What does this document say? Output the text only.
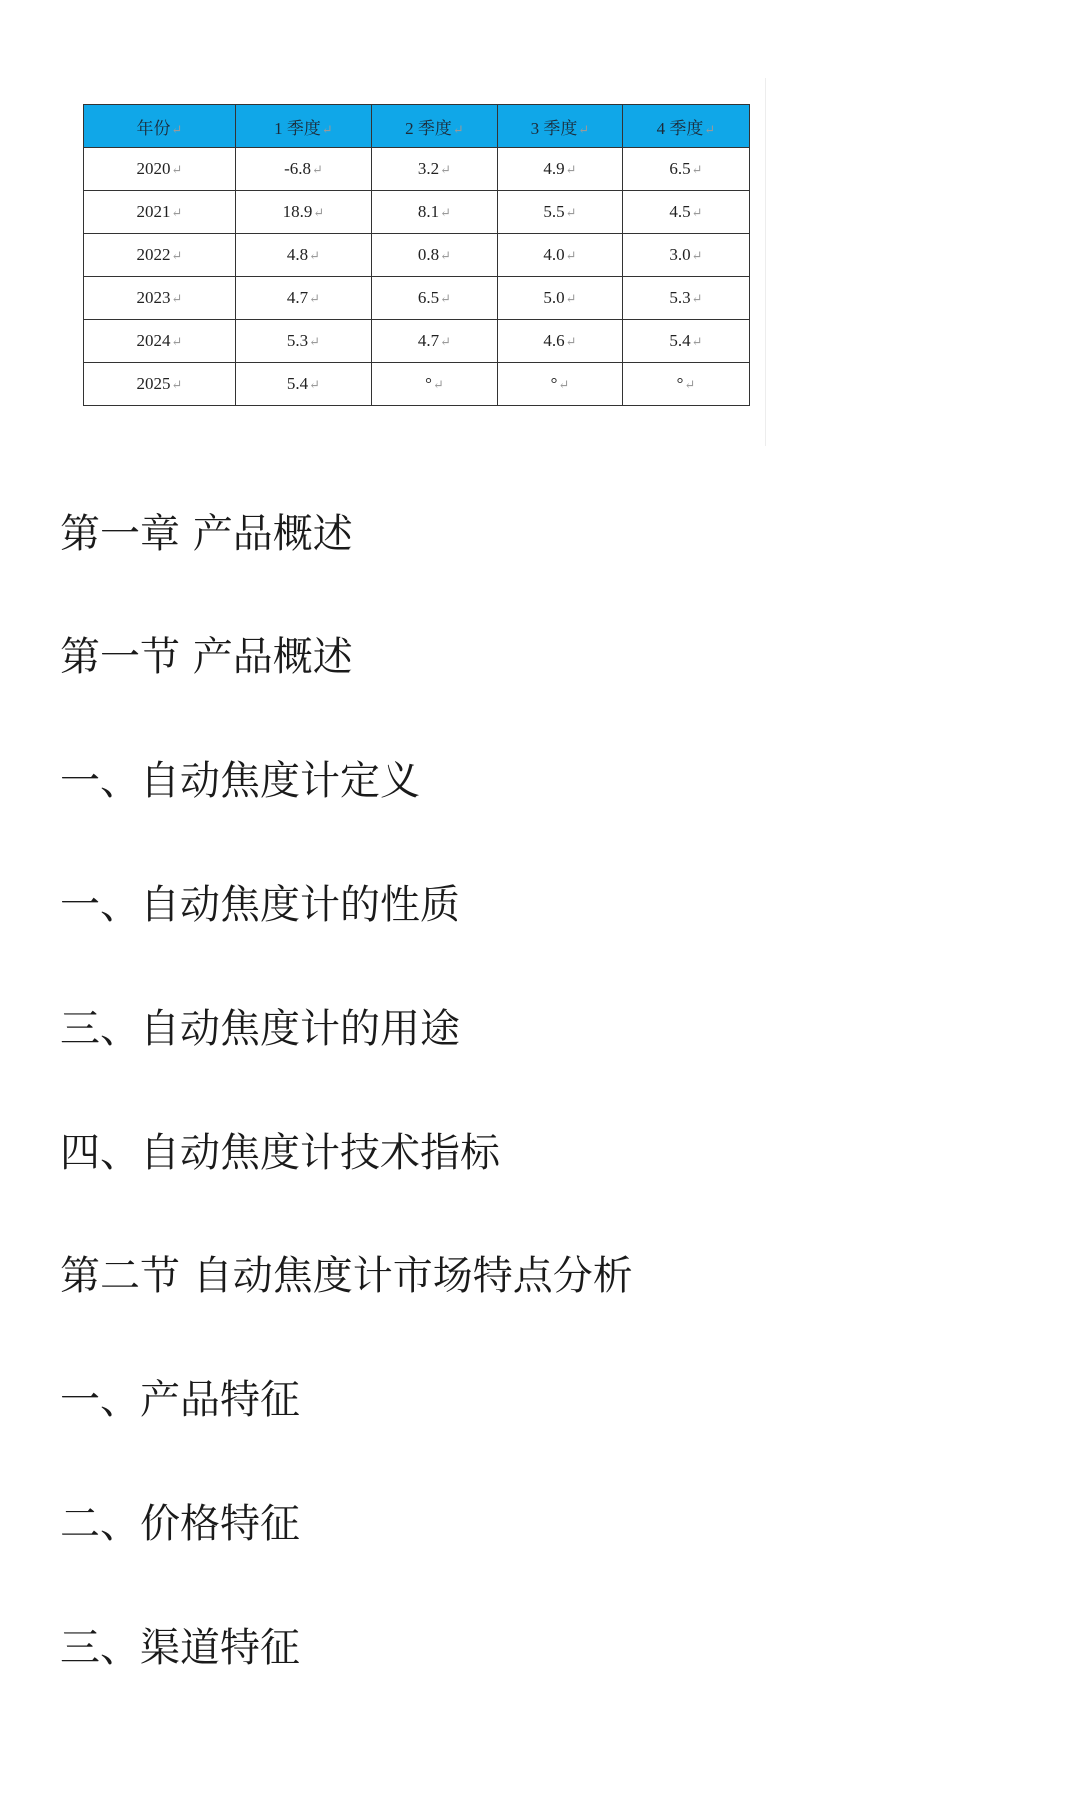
年份↵	1 季度↵	2 季度↵	3 季度↵	4 季度↵
2020↵	-6.8↵	3.2↵	4.9↵	6.5↵
2021↵	18.9↵	8.1↵	5.5↵	4.5↵
2022↵	4.8↵	0.8↵	4.0↵	3.0↵
2023↵	4.7↵	6.5↵	5.0↵	5.3↵
2024↵	5.3↵	4.7↵	4.6↵	5.4↵
2025↵	5.4↵	°↵	°↵	°↵
第一章 产品概述
第一节 产品概述
一、自动焦度计定义
一、自动焦度计的性质
三、自动焦度计的用途
四、自动焦度计技术指标
第二节 自动焦度计市场特点分析
一、产品特征
二、价格特征
三、渠道特征
